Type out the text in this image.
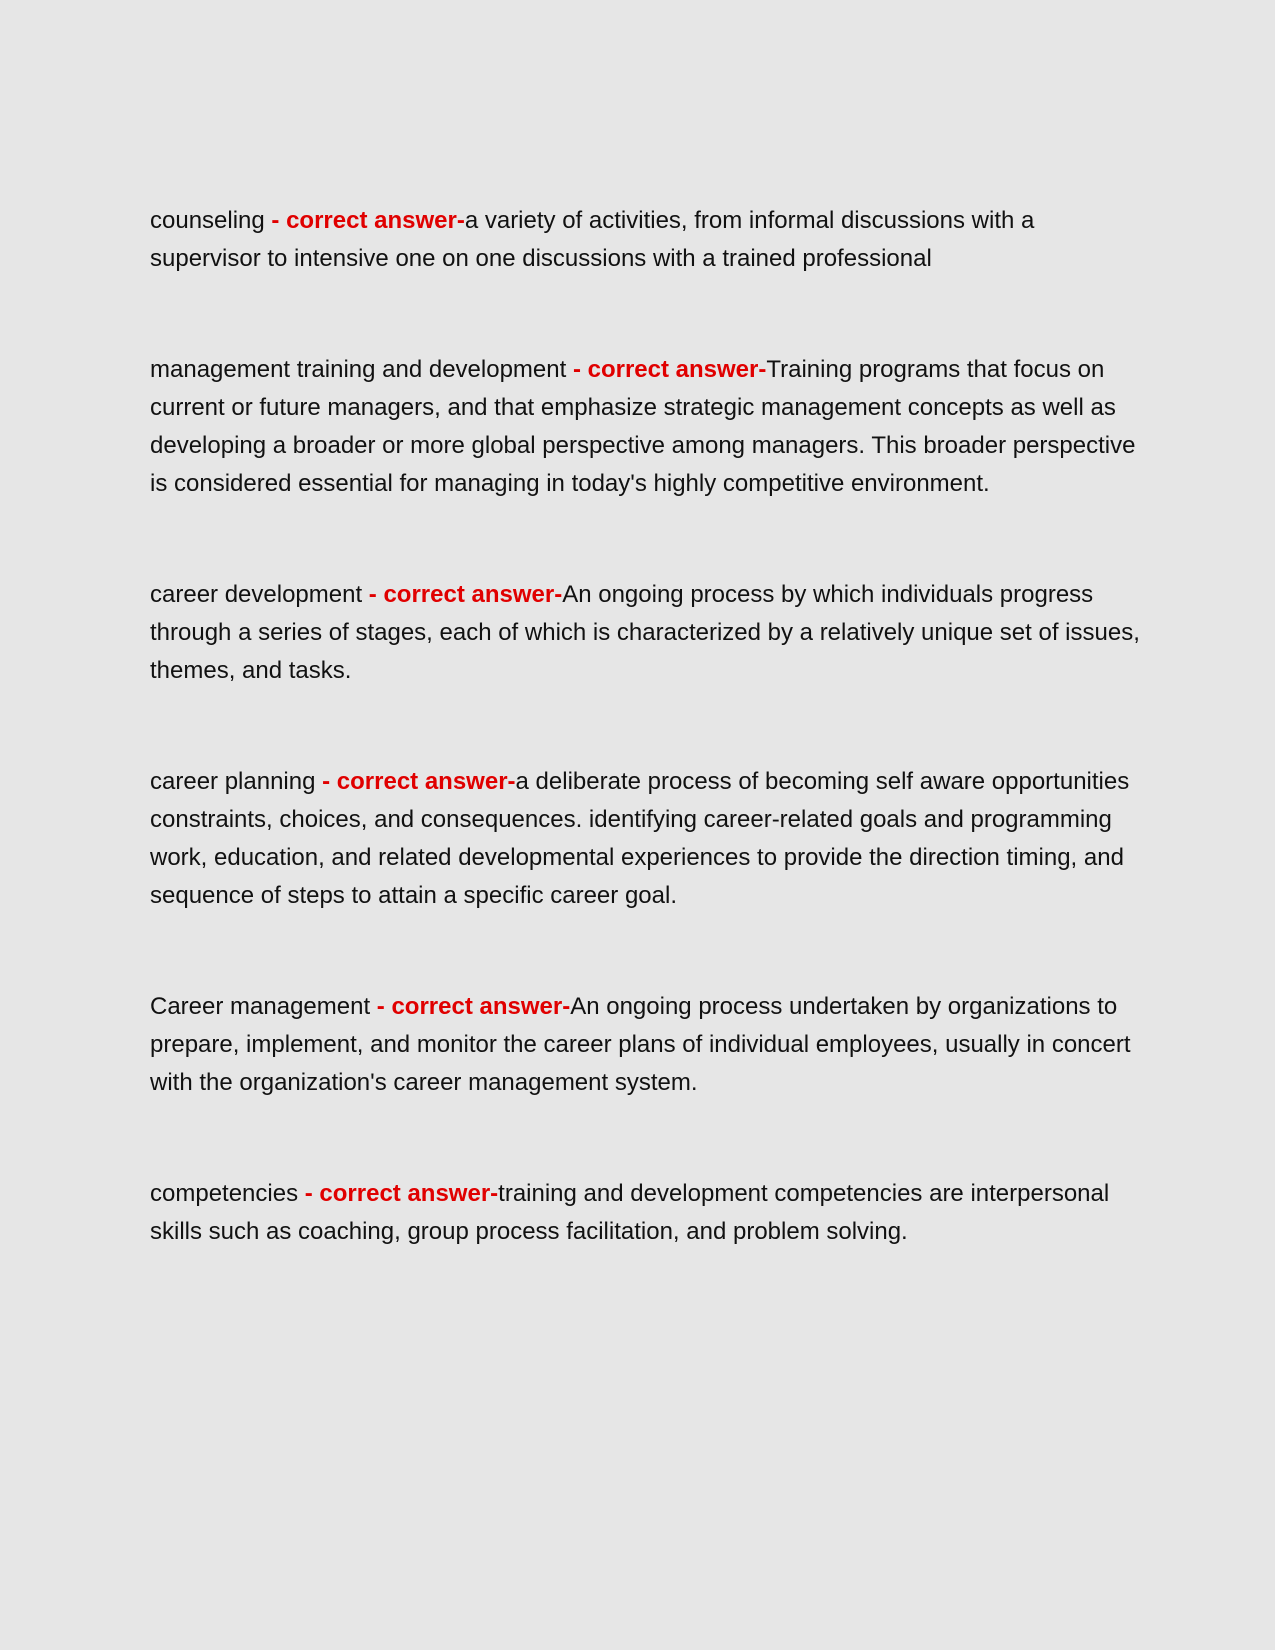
counseling - correct answer-a variety of activities, from informal discussions with a supervisor to intensive one on one discussions with a trained professional

management training and development - correct answer-Training programs that focus on current or future managers, and that emphasize strategic management concepts as well as developing a broader or more global perspective among managers. This broader perspective is considered essential for managing in today's highly competitive environment.

career development - correct answer-An ongoing process by which individuals progress through a series of stages, each of which is characterized by a relatively unique set of issues, themes, and tasks.

career planning - correct answer-a deliberate process of becoming self aware opportunities constraints, choices, and consequences. identifying career-related goals and programming work, education, and related developmental experiences to provide the direction timing, and sequence of steps to attain a specific career goal.

Career management - correct answer-An ongoing process undertaken by organizations to prepare, implement, and monitor the career plans of individual employees, usually in concert with the organization's career management system.

competencies - correct answer-training and development competencies are interpersonal skills such as coaching, group process facilitation, and problem solving.
